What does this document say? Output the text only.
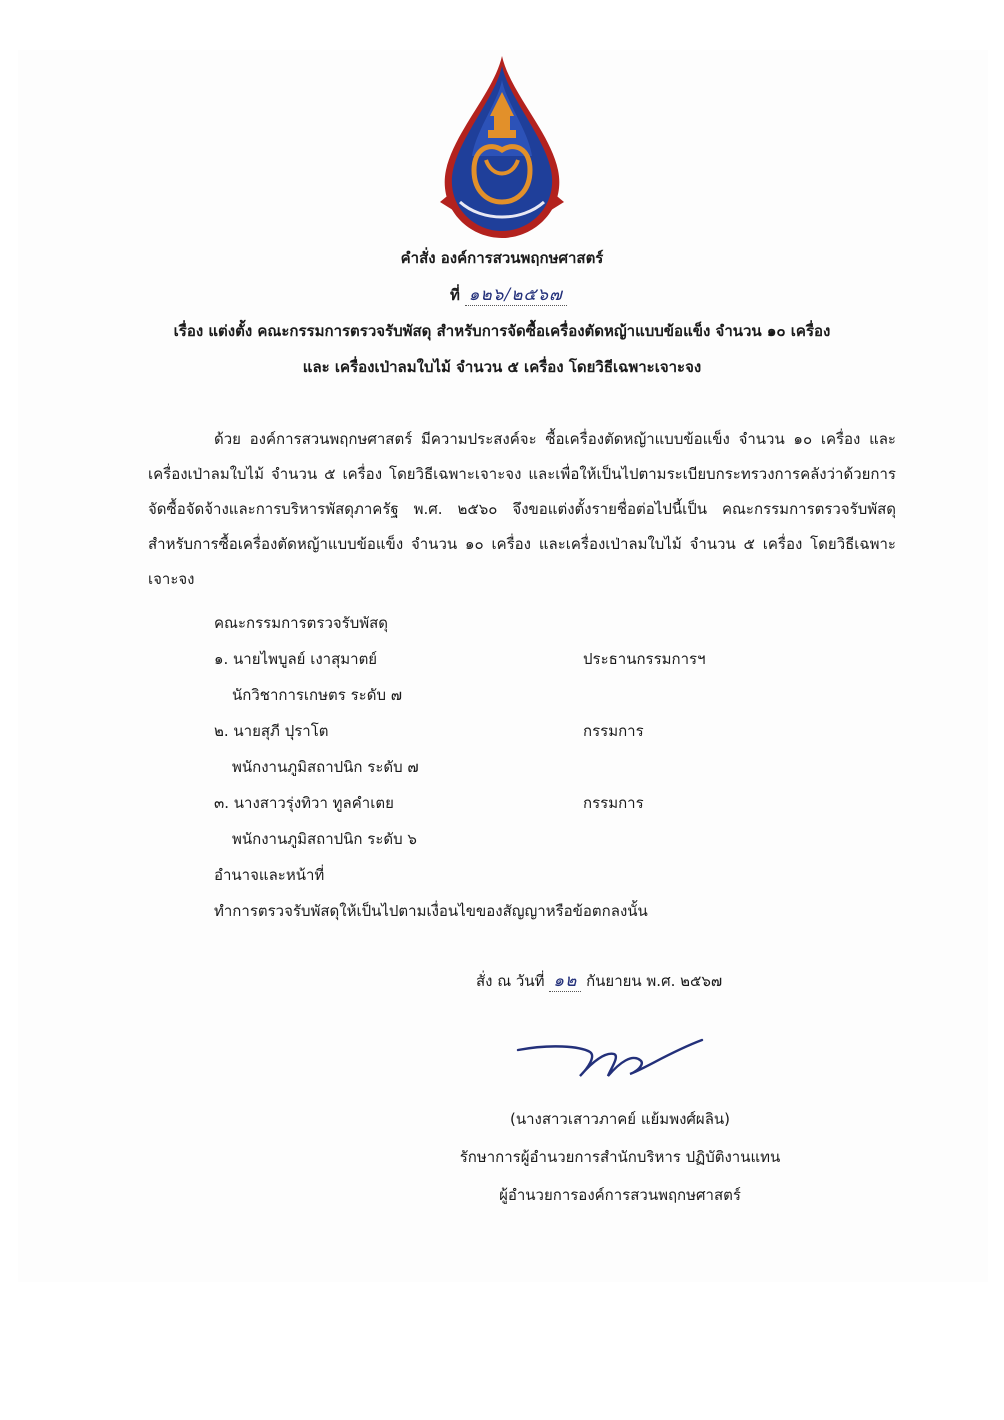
คำสั่ง องค์การสวนพฤกษศาสตร์
ที่ ๑๒๖/๒๕๖๗
เรื่อง แต่งตั้ง คณะกรรมการตรวจรับพัสดุ สำหรับการจัดซื้อเครื่องตัดหญ้าแบบข้อแข็ง จำนวน ๑๐ เครื่อง
และ เครื่องเป่าลมใบไม้ จำนวน ๕ เครื่อง โดยวิธีเฉพาะเจาะจง
ด้วย องค์การสวนพฤกษศาสตร์ มีความประสงค์จะ ซื้อเครื่องตัดหญ้าแบบข้อแข็ง จำนวน ๑๐ เครื่อง และเครื่องเป่าลมใบไม้ จำนวน ๕ เครื่อง โดยวิธีเฉพาะเจาะจง และเพื่อให้เป็นไปตามระเบียบกระทรวงการคลังว่าด้วยการจัดซื้อจัดจ้างและการบริหารพัสดุภาครัฐ พ.ศ. ๒๕๖๐ จึงขอแต่งตั้งรายชื่อต่อไปนี้เป็น คณะกรรมการตรวจรับพัสดุ สำหรับการซื้อเครื่องตัดหญ้าแบบข้อแข็ง จำนวน ๑๐ เครื่อง และเครื่องเป่าลมใบไม้ จำนวน ๕ เครื่อง โดยวิธีเฉพาะเจาะจง
คณะกรรมการตรวจรับพัสดุ
๑. นายไพบูลย์ เงาสุมาตย์	ประธานกรรมการฯ
นักวิชาการเกษตร ระดับ ๗
๒. นายสุภี ปุราโต	กรรมการ
พนักงานภูมิสถาปนิก ระดับ ๗
๓. นางสาวรุ่งทิวา ทูลคำเตย	กรรมการ
พนักงานภูมิสถาปนิก ระดับ ๖
อำนาจและหน้าที่
ทำการตรวจรับพัสดุให้เป็นไปตามเงื่อนไขของสัญญาหรือข้อตกลงนั้น
สั่ง ณ วันที่ ๑๒ กันยายน พ.ศ. ๒๕๖๗
(นางสาวเสาวภาคย์ แย้มพงศ์ผลิน)
รักษาการผู้อำนวยการสำนักบริหาร ปฏิบัติงานแทน
ผู้อำนวยการองค์การสวนพฤกษศาสตร์
